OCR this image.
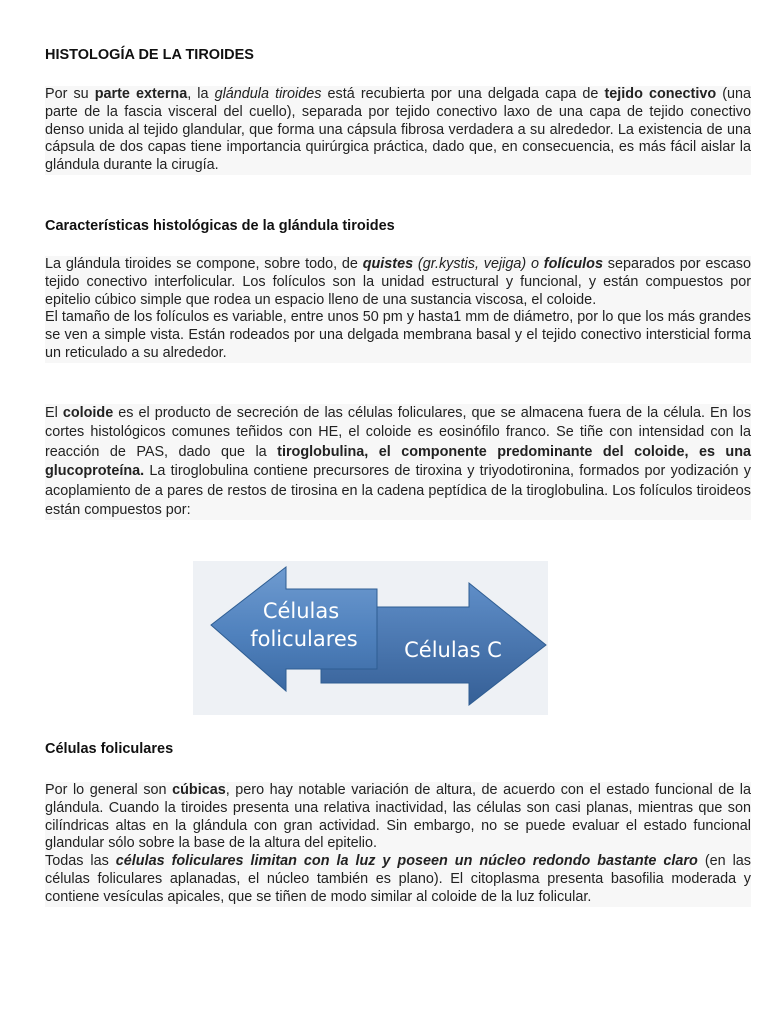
HISTOLOGÍA DE LA TIROIDES

Por su parte externa, la glándula tiroides está recubierta por una delgada capa de tejido conectivo (una parte de la fascia visceral del cuello), separada por tejido conectivo laxo de una capa de tejido conectivo denso unida al tejido glandular, que forma una cápsula fibrosa verdadera a su alrededor. La existencia de una cápsula de dos capas tiene importancia quirúrgica práctica, dado que, en consecuencia, es más fácil aislar la glándula durante la cirugía.

Características histológicas de la glándula tiroides

La glándula tiroides se compone, sobre todo, de quistes (gr.kystis, vejiga) o folículos separados por escaso tejido conectivo interfolicular. Los folículos son la unidad estructural y funcional, y están compuestos por epitelio cúbico simple que rodea un espacio lleno de una sustancia viscosa, el coloide.
El tamaño de los folículos es variable, entre unos 50 pm y hasta1 mm de diámetro, por lo que los más grandes se ven a simple vista. Están rodeados por una delgada membrana basal y el tejido conectivo intersticial forma un reticulado a su alrededor.

El coloide es el producto de secreción de las células foliculares, que se almacena fuera de la célula. En los cortes histológicos comunes teñidos con HE, el coloide es eosinófilo franco. Se tiñe con intensidad con la reacción de PAS, dado que la tiroglobulina, el componente predominante del coloide, es una glucoproteína. La tiroglobulina contiene precursores de tiroxina y triyodotironina, formados por yodización y acoplamiento de a pares de restos de tirosina en la cadena peptídica de la tiroglobulina. Los folículos tiroideos están compuestos por:

Células foliculares

Por lo general son cúbicas, pero hay notable variación de altura, de acuerdo con el estado funcional de la glándula. Cuando la tiroides presenta una relativa inactividad, las células son casi planas, mientras que son cilíndricas altas en la glándula con gran actividad. Sin embargo, no se puede evaluar el estado funcional glandular sólo sobre la base de la altura del epitelio.
Todas las células foliculares limitan con la luz y poseen un núcleo redondo bastante claro (en las células foliculares aplanadas, el núcleo también es plano). El citoplasma presenta basofilia moderada y contiene vesículas apicales, que se tiñen de modo similar al coloide de la luz folicular.

Células
foliculares Células C
